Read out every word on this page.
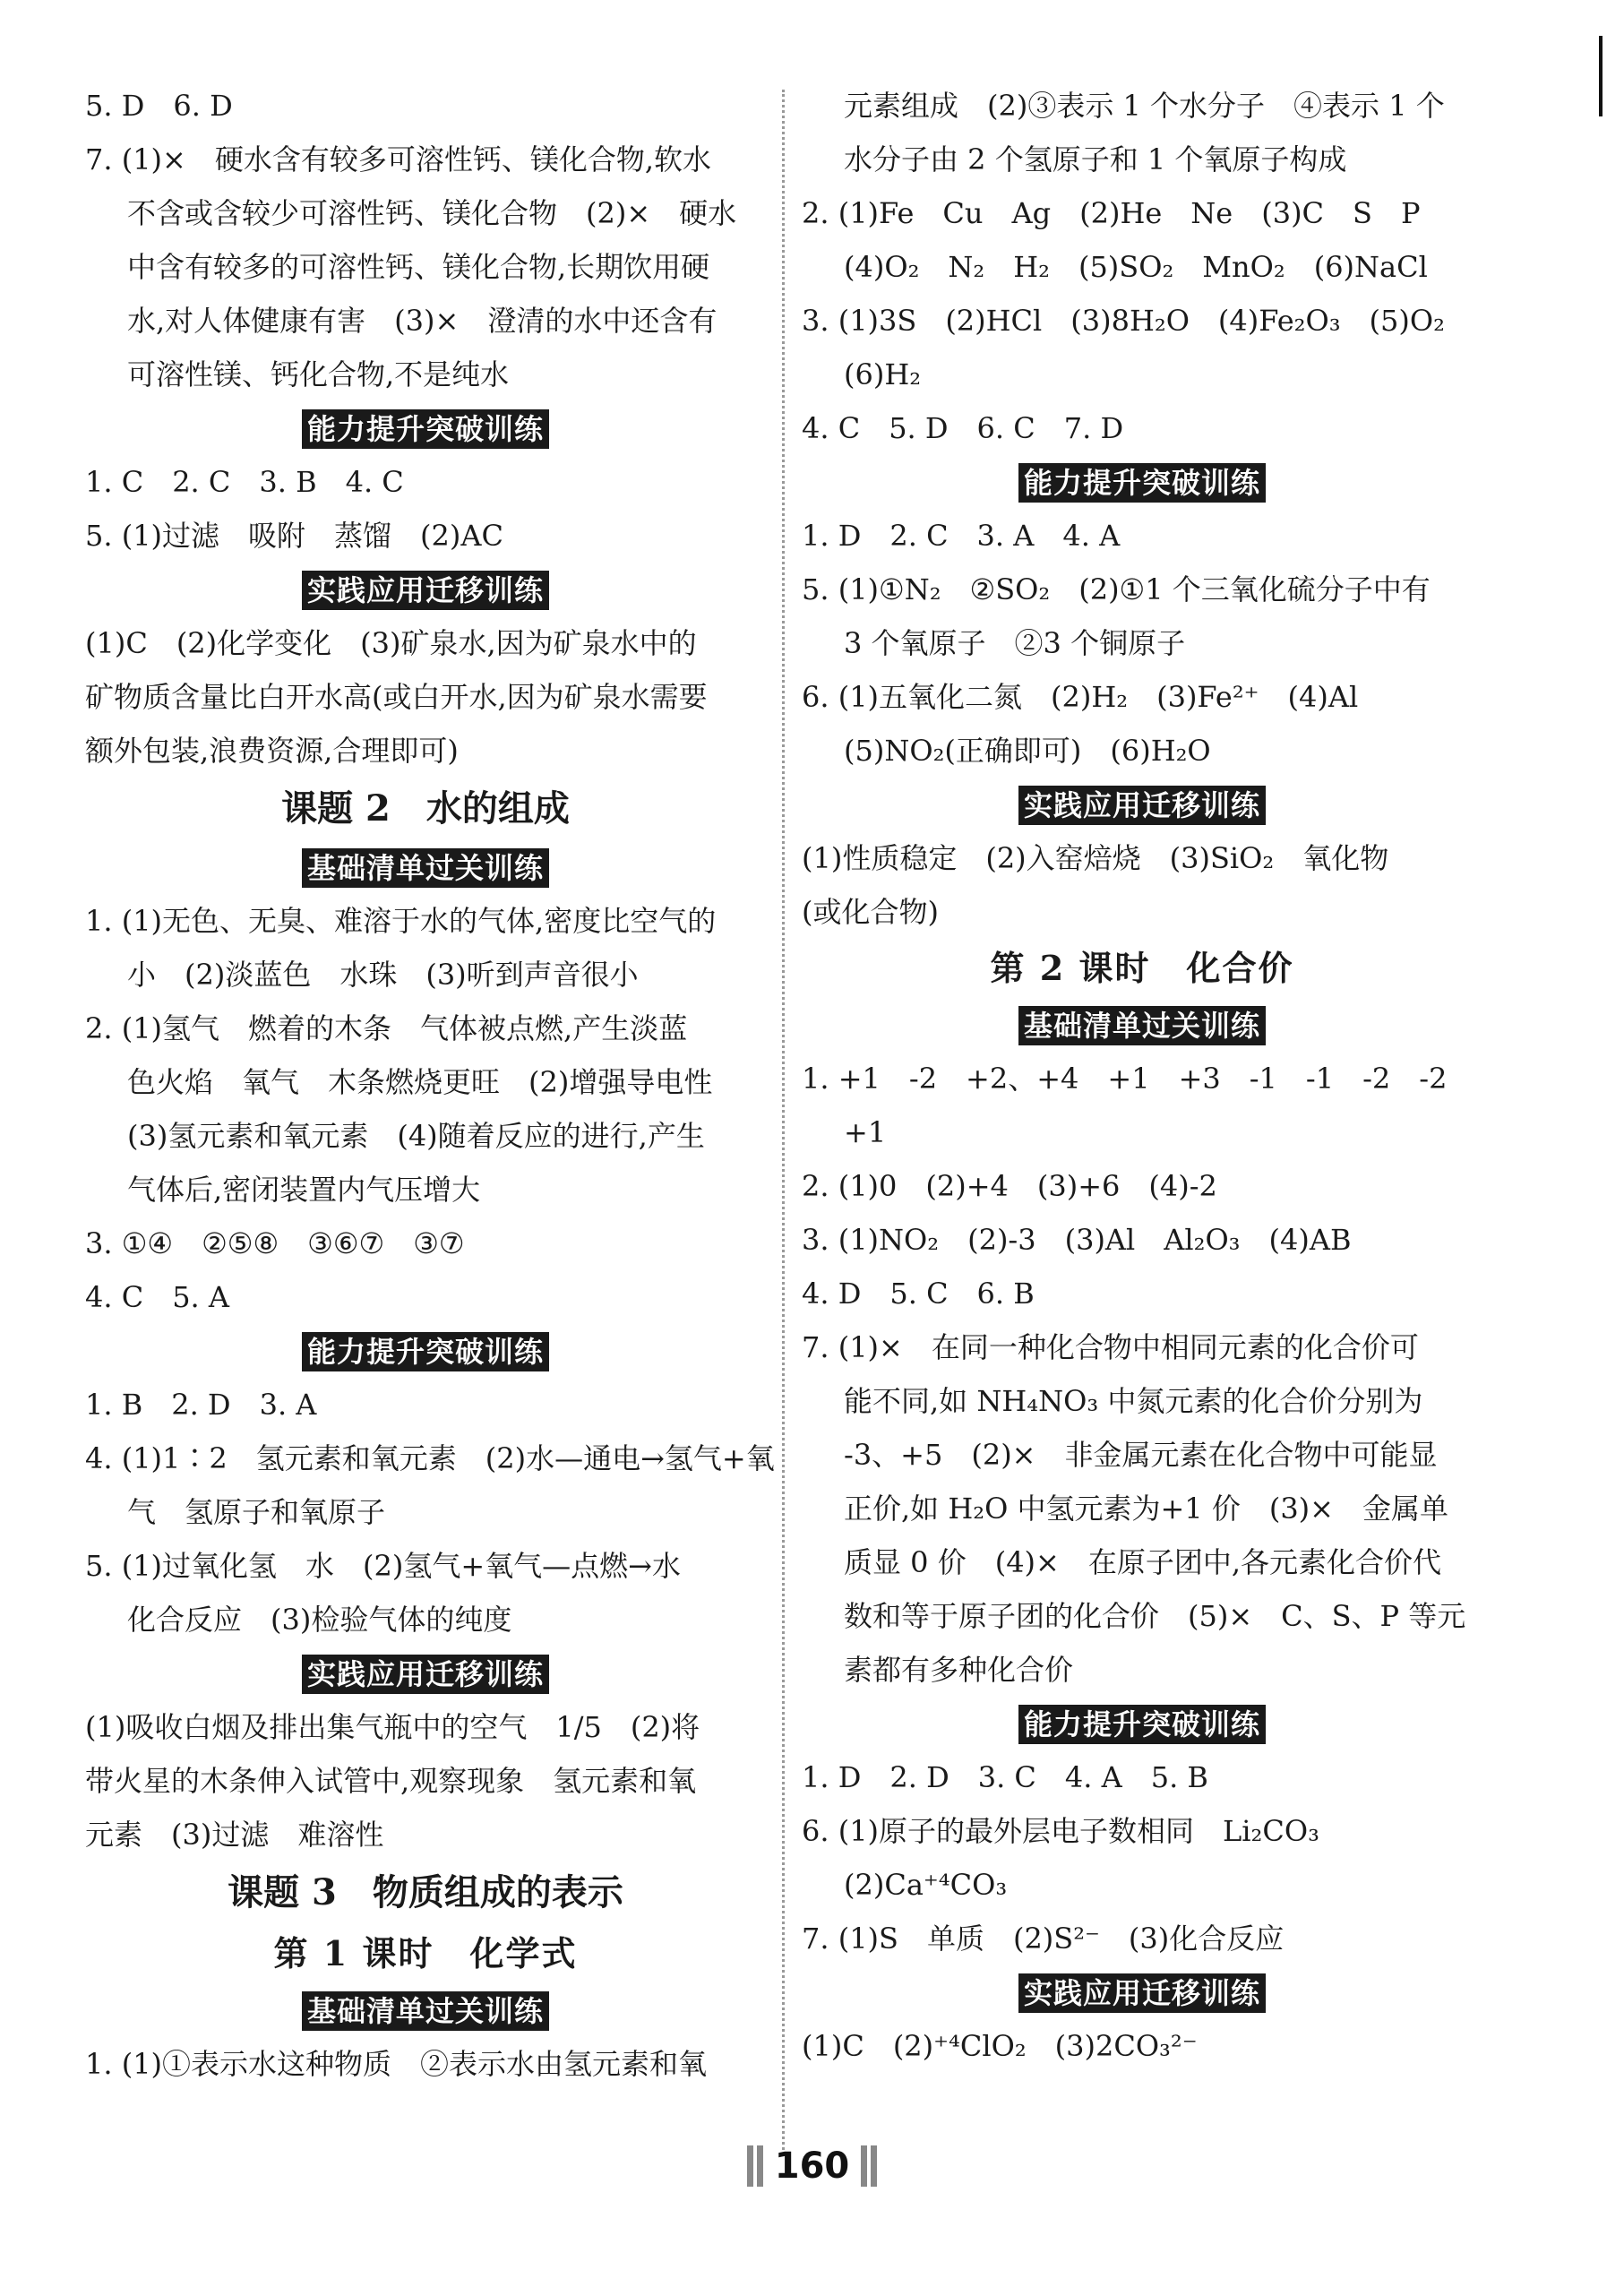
5. D　6. D
7. (1)×　硬水含有较多可溶性钙、镁化合物,软水
不含或含较少可溶性钙、镁化合物　(2)×　硬水
中含有较多的可溶性钙、镁化合物,长期饮用硬
水,对人体健康有害　(3)×　澄清的水中还含有
可溶性镁、钙化合物,不是纯水
能力提升突破训练
1. C　2. C　3. B　4. C
5. (1)过滤　吸附　蒸馏　(2)AC
实践应用迁移训练
(1)C　(2)化学变化　(3)矿泉水,因为矿泉水中的
矿物质含量比白开水高(或白开水,因为矿泉水需要
额外包装,浪费资源,合理即可)
课题 2　水的组成
基础清单过关训练
1. (1)无色、无臭、难溶于水的气体,密度比空气的
小　(2)淡蓝色　水珠　(3)听到声音很小
2. (1)氢气　燃着的木条　气体被点燃,产生淡蓝
色火焰　氧气　木条燃烧更旺　(2)增强导电性
(3)氢元素和氧元素　(4)随着反应的进行,产生
气体后,密闭装置内气压增大
3. ①④　②⑤⑧　③⑥⑦　③⑦
4. C　5. A
能力提升突破训练
1. B　2. D　3. A
4. (1)1∶2　氢元素和氧元素　(2)水—通电→氢气+氧
气　氢原子和氧原子
5. (1)过氧化氢　水　(2)氢气+氧气—点燃→水
化合反应　(3)检验气体的纯度
实践应用迁移训练
(1)吸收白烟及排出集气瓶中的空气　1/5　(2)将
带火星的木条伸入试管中,观察现象　氢元素和氧
元素　(3)过滤　难溶性
课题 3　物质组成的表示
第 1 课时　化学式
基础清单过关训练
1. (1)①表示水这种物质　②表示水由氢元素和氧
元素组成　(2)③表示 1 个水分子　④表示 1 个
水分子由 2 个氢原子和 1 个氧原子构成
2. (1)Fe　Cu　Ag　(2)He　Ne　(3)C　S　P
(4)O₂　N₂　H₂　(5)SO₂　MnO₂　(6)NaCl
3. (1)3S　(2)HCl　(3)8H₂O　(4)Fe₂O₃　(5)O₂
(6)H₂
4. C　5. D　6. C　7. D
能力提升突破训练
1. D　2. C　3. A　4. A
5. (1)①N₂　②SO₂　(2)①1 个三氧化硫分子中有
3 个氧原子　②3 个铜原子
6. (1)五氧化二氮　(2)H₂　(3)Fe²⁺　(4)Al
(5)NO₂(正确即可)　(6)H₂O
实践应用迁移训练
(1)性质稳定　(2)入窑焙烧　(3)SiO₂　氧化物
(或化合物)
第 2 课时　化合价
基础清单过关训练
1. +1　-2　+2、+4　+1　+3　-1　-1　-2　-2
+1
2. (1)0　(2)+4　(3)+6　(4)-2
3. (1)NO₂　(2)-3　(3)Al　Al₂O₃　(4)AB
4. D　5. C　6. B
7. (1)×　在同一种化合物中相同元素的化合价可
能不同,如 NH₄NO₃ 中氮元素的化合价分别为
-3、+5　(2)×　非金属元素在化合物中可能显
正价,如 H₂O 中氢元素为+1 价　(3)×　金属单
质显 0 价　(4)×　在原子团中,各元素化合价代
数和等于原子团的化合价　(5)×　C、S、P 等元
素都有多种化合价
能力提升突破训练
1. D　2. D　3. C　4. A　5. B
6. (1)原子的最外层电子数相同　Li₂CO₃
(2)Ca⁺⁴CO₃
7. (1)S　单质　(2)S²⁻　(3)化合反应
实践应用迁移训练
(1)C　(2)⁺⁴ClO₂　(3)2CO₃²⁻
160
